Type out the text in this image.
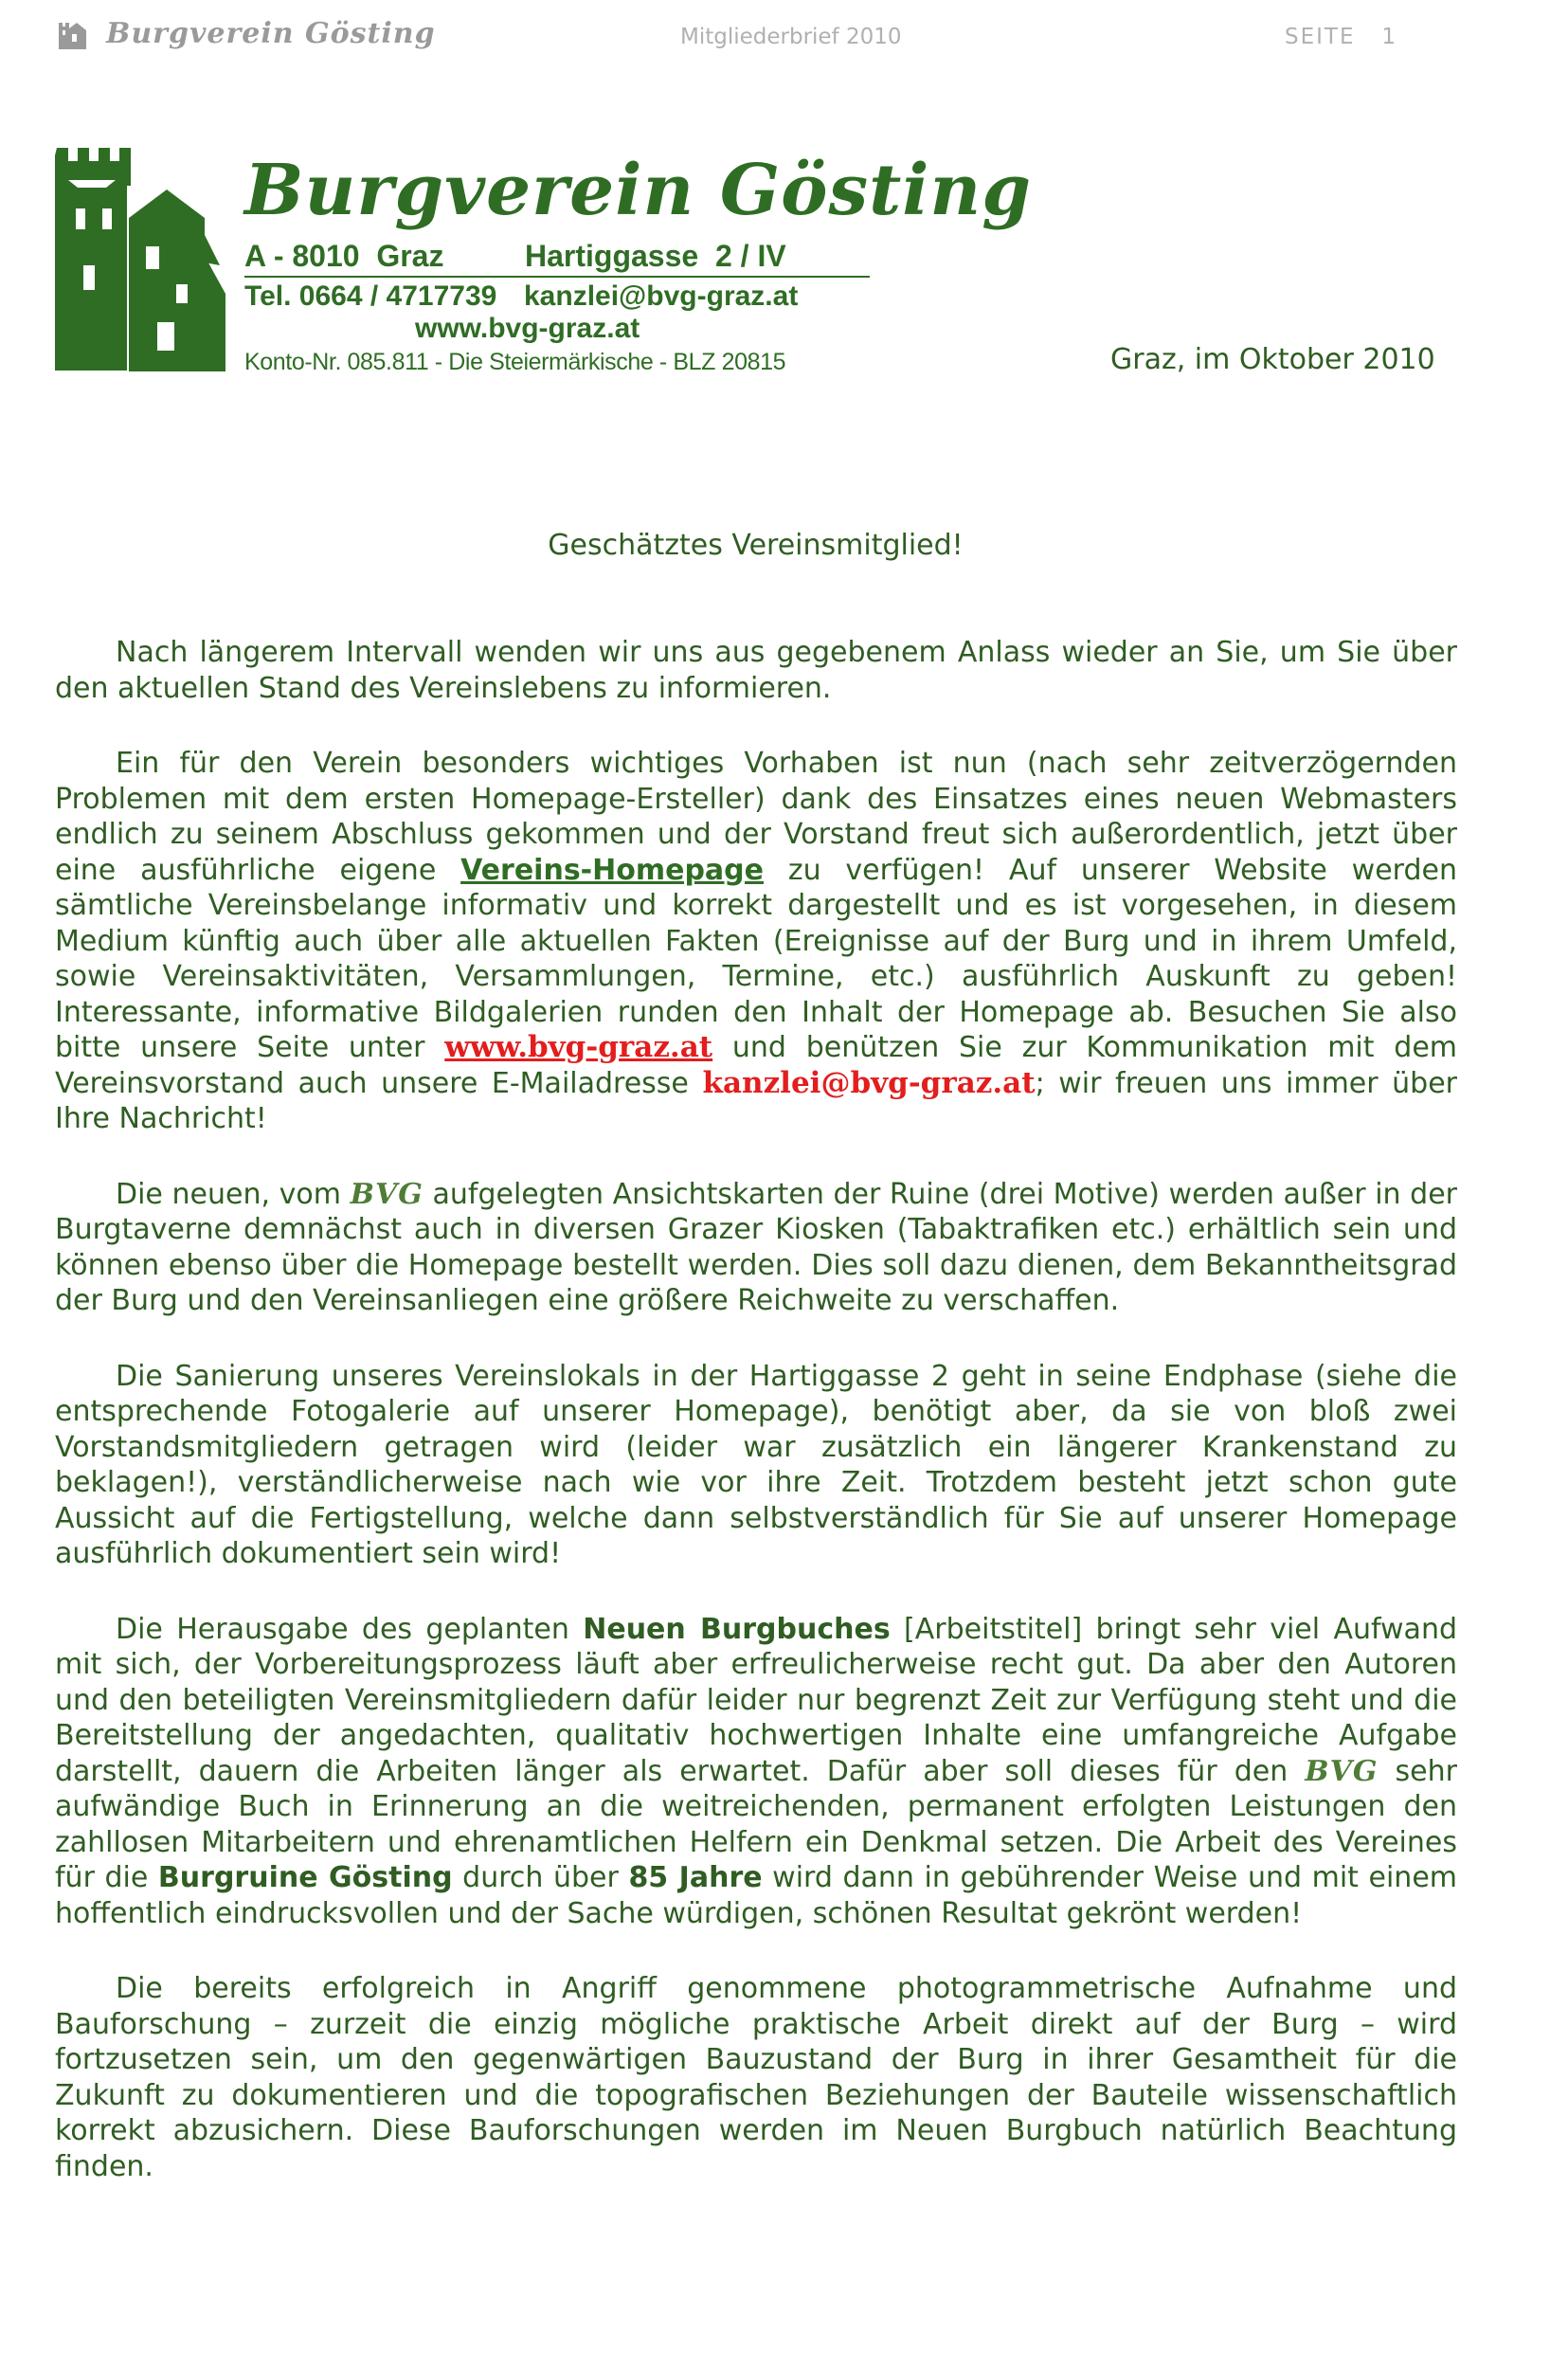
Burgverein Gösting	Mitgliederbrief 2010	SEITE   1
Burgverein Gösting
A - 8010  Graz	Hartiggasse  2 / IV
Tel. 0664 / 4717739 kanzlei@bvg-graz.at
www.bvg-graz.at
Konto-Nr. 085.811 - Die Steiermärkische - BLZ 20815	Graz, im Oktober 2010
Geschätztes Vereinsmitglied!

Nach längerem Intervall wenden wir uns aus gegebenem Anlass wieder an Sie, um Sie über den aktuellen Stand des Vereinslebens zu informieren.

Ein für den Verein besonders wichtiges Vorhaben ist nun (nach sehr zeitverzögernden Problemen mit dem ersten Homepage-Ersteller) dank des Einsatzes eines neuen Webmasters endlich zu seinem Abschluss gekommen und der Vorstand freut sich außerordentlich, jetzt über eine ausführliche eigene Vereins-Homepage zu verfügen! Auf unserer Website werden sämtliche Vereinsbelange informativ und korrekt dargestellt und es ist vorgesehen, in diesem Medium künftig auch über alle aktuellen Fakten (Ereignisse auf der Burg und in ihrem Umfeld, sowie Vereinsaktivitäten, Versammlungen, Termine, etc.) ausführlich Auskunft zu geben! Interessante, informative Bildgalerien runden den Inhalt der Homepage ab. Besuchen Sie also bitte unsere Seite unter www.bvg-graz.at und benützen Sie zur Kommunikation mit dem Vereinsvorstand auch unsere E-Mailadresse kanzlei@bvg-graz.at; wir freuen uns immer über Ihre Nachricht!

Die neuen, vom BVG aufgelegten Ansichtskarten der Ruine (drei Motive) werden außer in der Burgtaverne demnächst auch in diversen Grazer Kiosken (Tabaktrafiken etc.) erhältlich sein und können ebenso über die Homepage bestellt werden. Dies soll dazu dienen, dem Bekanntheitsgrad der Burg und den Vereinsanliegen eine größere Reichweite zu verschaffen.

Die Sanierung unseres Vereinslokals in der Hartiggasse 2 geht in seine Endphase (siehe die entsprechende Fotogalerie auf unserer Homepage), benötigt aber, da sie von bloß zwei Vorstandsmitgliedern getragen wird (leider war zusätzlich ein längerer Krankenstand zu beklagen!), verständlicherweise nach wie vor ihre Zeit. Trotzdem besteht jetzt schon gute Aussicht auf die Fertigstellung, welche dann selbstverständlich für Sie auf unserer Homepage ausführlich dokumentiert sein wird!

Die Herausgabe des geplanten Neuen Burgbuches [Arbeitstitel] bringt sehr viel Aufwand mit sich, der Vorbereitungsprozess läuft aber erfreulicherweise recht gut. Da aber den Autoren und den beteiligten Vereinsmitgliedern dafür leider nur begrenzt Zeit zur Verfügung steht und die Bereitstellung der angedachten, qualitativ hochwertigen Inhalte eine umfangreiche Aufgabe darstellt, dauern die Arbeiten länger als erwartet. Dafür aber soll dieses für den BVG sehr aufwändige Buch in Erinnerung an die weitreichenden, permanent erfolgten Leistungen den zahllosen Mitarbeitern und ehrenamtlichen Helfern ein Denkmal setzen. Die Arbeit des Vereines für die Burgruine Gösting durch über 85 Jahre wird dann in gebührender Weise und mit einem hoffentlich eindrucksvollen und der Sache würdigen, schönen Resultat gekrönt werden!

Die bereits erfolgreich in Angriff genommene photogrammetrische Aufnahme und Bauforschung – zurzeit die einzig mögliche praktische Arbeit direkt auf der Burg – wird fortzusetzen sein, um den gegenwärtigen Bauzustand der Burg in ihrer Gesamtheit für die Zukunft zu dokumentieren und die topografischen Beziehungen der Bauteile wissenschaftlich korrekt abzusichern. Diese Bauforschungen werden im Neuen Burgbuch natürlich Beachtung finden.
